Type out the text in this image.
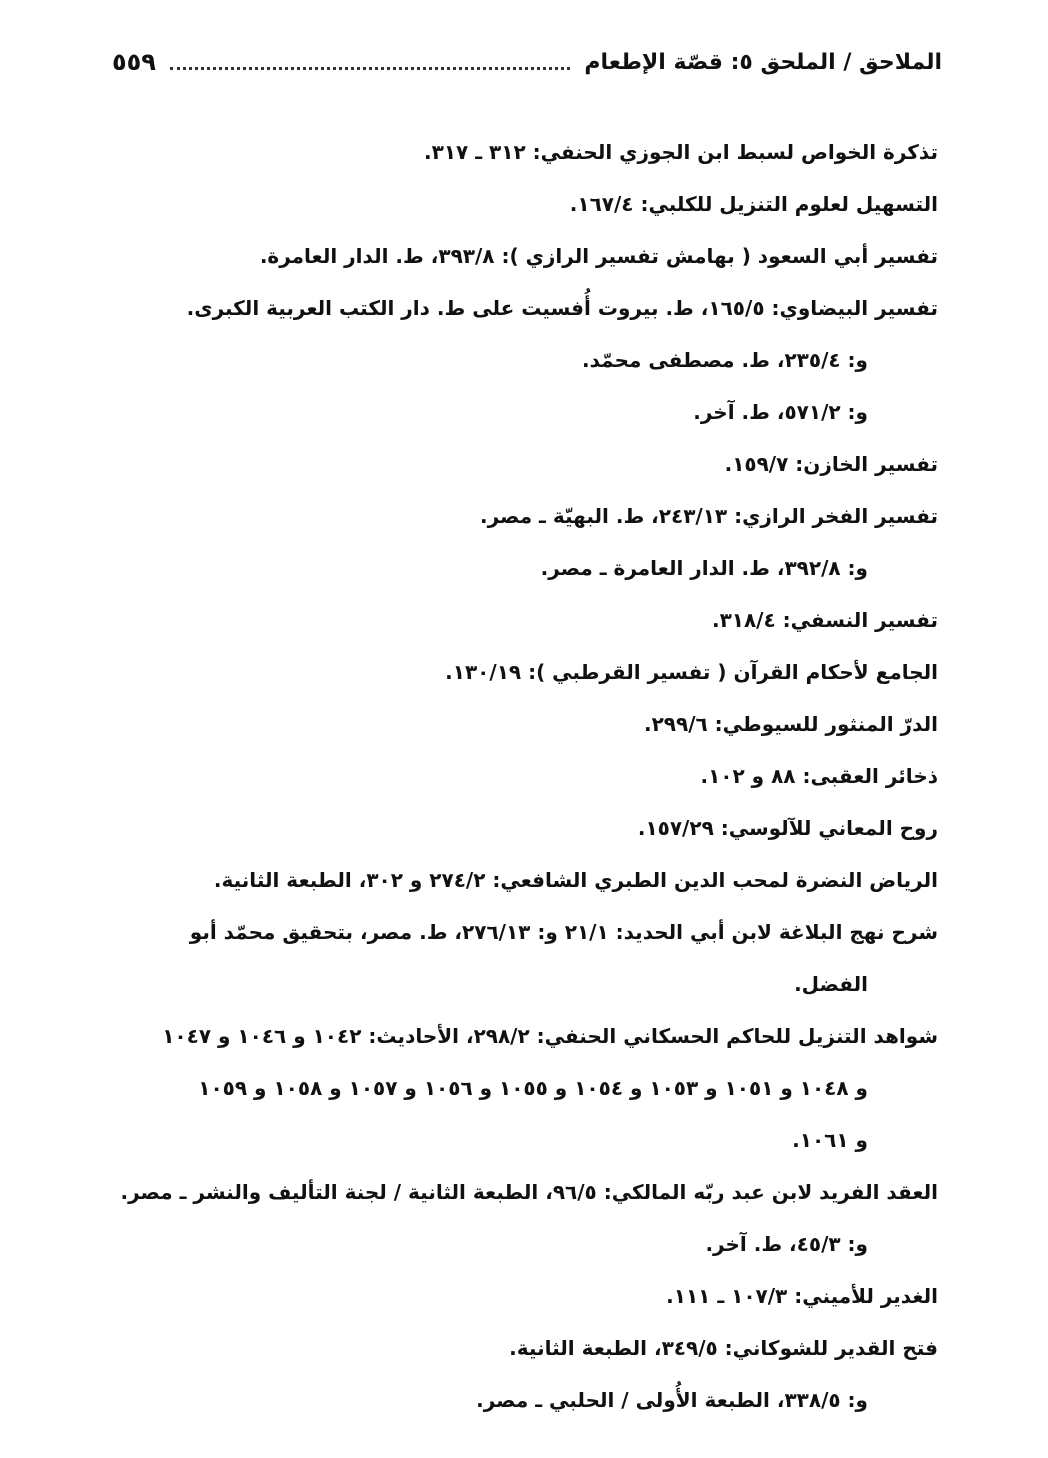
الملاحق / الملحق ٥: قصّة الإطعام
٥٥٩
تذكرة الخواص لسبط ابن الجوزي الحنفي: ٣١٢ ـ ٣١٧.
التسهيل لعلوم التنزيل للكلبي: ١٦٧/٤.
تفسير أبي السعود ( بهامش تفسير الرازي ): ٣٩٣/٨، ط. الدار العامرة.
تفسير البيضاوي: ١٦٥/٥، ط. بيروت أُفسيت على ط. دار الكتب العربية الكبرى.
و: ٢٣٥/٤، ط. مصطفى محمّد.
و: ٥٧١/٢، ط. آخر.
تفسير الخازن: ١٥٩/٧.
تفسير الفخر الرازي: ٢٤٣/١٣، ط. البهيّة ـ مصر.
و: ٣٩٢/٨، ط. الدار العامرة ـ مصر.
تفسير النسفي: ٣١٨/٤.
الجامع لأحكام القرآن ( تفسير القرطبي ): ١٣٠/١٩.
الدرّ المنثور للسيوطي: ٢٩٩/٦.
ذخائر العقبى: ٨٨ و ١٠٢.
روح المعاني للآلوسي: ١٥٧/٢٩.
الرياض النضرة لمحب الدين الطبري الشافعي: ٢٧٤/٢ و ٣٠٢، الطبعة الثانية.
شرح نهج البلاغة لابن أبي الحديد: ٢١/١ و: ٢٧٦/١٣، ط. مصر، بتحقيق محمّد أبو
الفضل.
شواهد التنزيل للحاكم الحسكاني الحنفي: ٢٩٨/٢، الأحاديث: ١٠٤٢ و ١٠٤٦ و ١٠٤٧
و ١٠٤٨ و ١٠٥١ و ١٠٥٣ و ١٠٥٤ و ١٠٥٥ و ١٠٥٦ و ١٠٥٧ و ١٠٥٨ و ١٠٥٩
و ١٠٦١.
العقد الفريد لابن عبد ربّه المالكي: ٩٦/٥، الطبعة الثانية / لجنة التأليف والنشر ـ مصر.
و: ٤٥/٣، ط. آخر.
الغدير للأميني: ١٠٧/٣ ـ ١١١.
فتح القدير للشوكاني: ٣٤٩/٥، الطبعة الثانية.
و: ٣٣٨/٥، الطبعة الأُولى / الحلبي ـ مصر.
